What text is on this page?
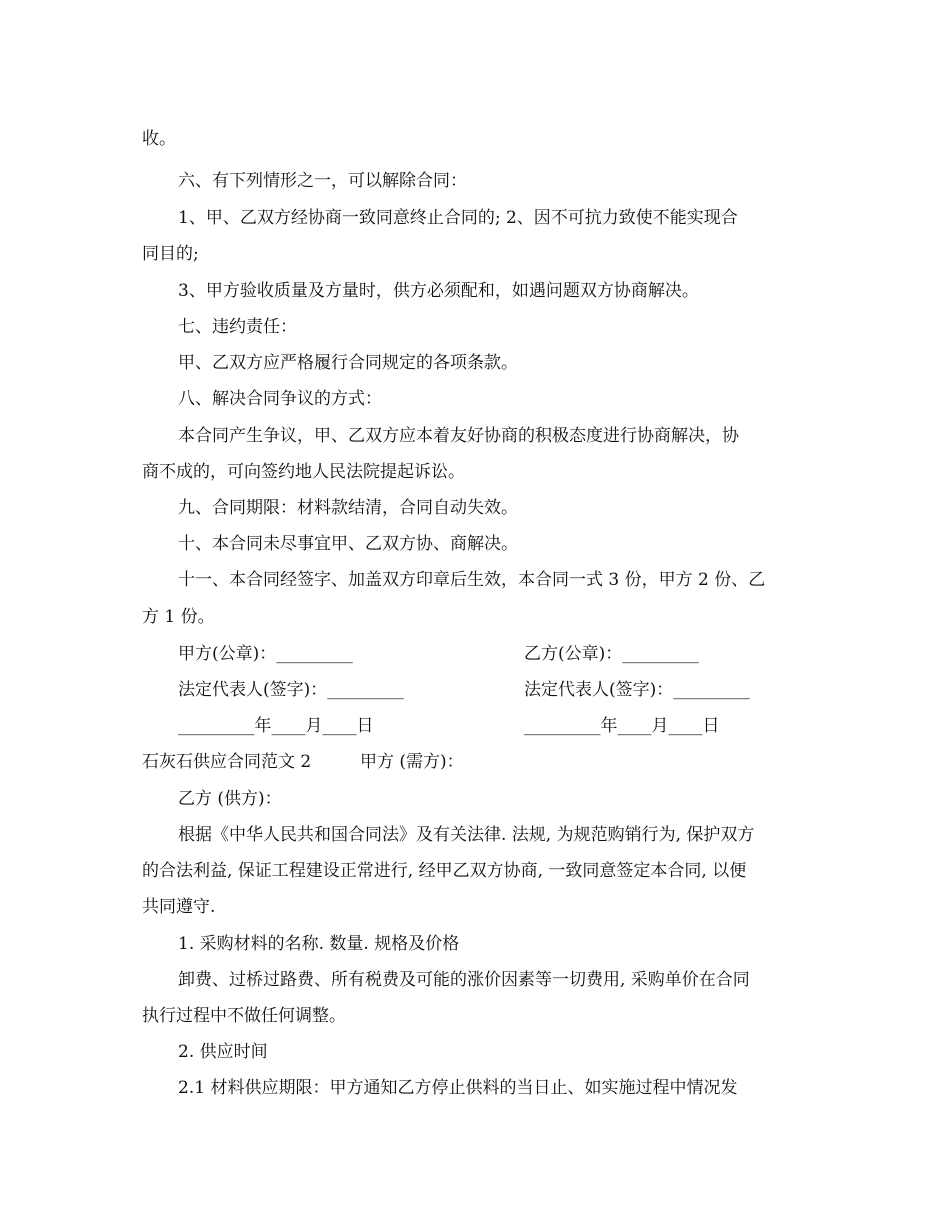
收。
六、有下列情形之一，可以解除合同：
1、甲、乙双方经协商一致同意终止合同的; 2、因不可抗力致使不能实现合
同目的;
3、甲方验收质量及方量时，供方必须配和，如遇问题双方协商解决。
七、违约责任：
甲、乙双方应严格履行合同规定的各项条款。
八、解决合同争议的方式：
本合同产生争议，甲、乙双方应本着友好协商的积极态度进行协商解决，协
商不成的，可向签约地人民法院提起诉讼。
九、合同期限：材料款结清，合同自动失效。
十、本合同未尽事宜甲、乙双方协、商解决。
十一、本合同经签字、加盖双方印章后生效，本合同一式 3 份，甲方 2 份、乙
方 1 份。
甲方(公章)：_________	乙方(公章)：_________
法定代表人(签字)：_________	法定代表人(签字)：_________
_________年____月____日	_________年____月____日
石灰石供应合同范文 2	甲方 (需方)：
乙方 (供方)：
根据《中华人民共和国合同法》及有关法律. 法规, 为规范购销行为, 保护双方
的合法利益, 保证工程建设正常进行, 经甲乙双方协商, 一致同意签定本合同, 以便
共同遵守.
1. 采购材料的名称. 数量. 规格及价格
卸费、过桥过路费、所有税费及可能的涨价因素等一切费用, 采购单价在合同
执行过程中不做任何调整。
2. 供应时间
2.1 材料供应期限：甲方通知乙方停止供料的当日止、如实施过程中情况发
